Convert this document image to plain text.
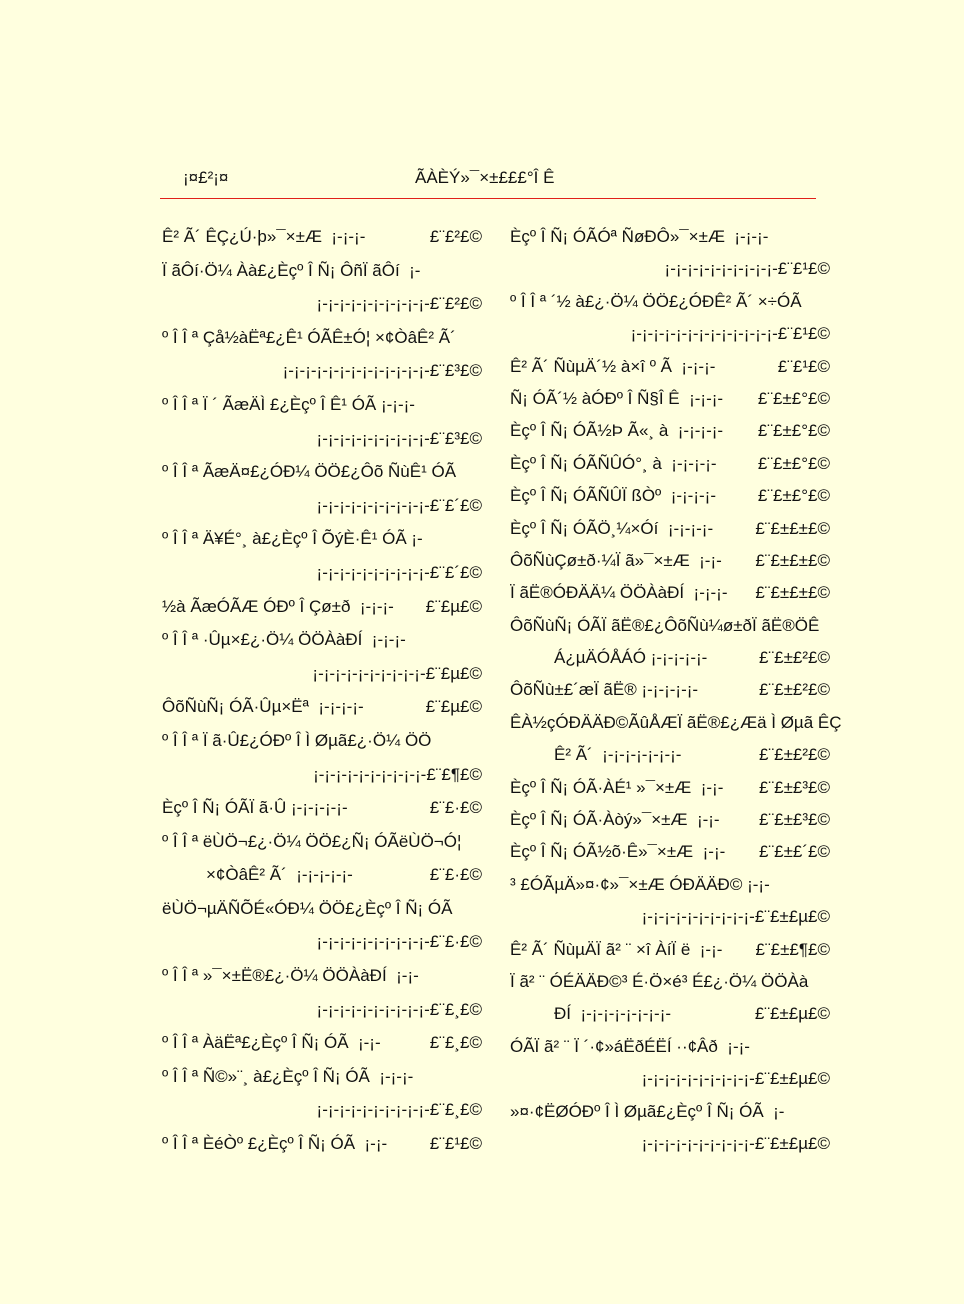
¡¤£²¡¤	ÃÀÈÝ»¯×±£££°Î Ê
Ê² Ã´ ÊÇ¿Ú·þ»¯×±Æ  ¡-¡-¡-	£¨£²£©
Ï ãÔí·Ö¼ Àà£¿Èçº Î Ñ¡ ÔñÏ ãÔí  ¡-
¡-¡-¡-¡-¡-¡-¡-¡-¡-¡- £¨£²£©
º Î Î ª Çå½àËª£¿Ê¹ ÓÃÊ±Ó¦ ×¢ÒâÊ² Ã´
¡-¡-¡-¡-¡-¡-¡-¡-¡-¡-¡-¡-¡- £¨£³£©
º Î Î ª Ï ´ ÃæÄÌ £¿Èçº Î Ê¹ ÓÃ ¡-¡-¡-
¡-¡-¡-¡-¡-¡-¡-¡-¡-¡- £¨£³£©
º Î Î ª ÃæÄ¤£¿ÓÐ¼ ÖÖ£¿Ôõ ÑùÊ¹ ÓÃ
¡-¡-¡-¡-¡-¡-¡-¡-¡-¡- £¨£´£©
º Î Î ª Ä¥É°¸ à£¿Èçº Î ÕýÈ·Ê¹ ÓÃ ¡-
¡-¡-¡-¡-¡-¡-¡-¡-¡-¡- £¨£´£©
½à ÃæÓÃÆ ÓÐº Î Çø±ð  ¡-¡-¡- £¨£µ£©
º Î Î ª ·Ûµ×£¿·Ö¼ ÖÖÀàÐÍ  ¡-¡-¡-
¡-¡-¡-¡-¡-¡-¡-¡-¡-¡- £¨£µ£©
ÔõÑùÑ¡ ÓÃ·Ûµ×Ëª  ¡-¡-¡-¡-	£¨£µ£©
º Î Î ª Ï ã·Û£¿ÓÐº Î Ì Øµã£¿·Ö¼ ÖÖ
¡-¡-¡-¡-¡-¡-¡-¡-¡-¡- £¨£¶£©
Èçº Î Ñ¡ ÓÃÏ ã·Û ¡-¡-¡-¡-¡-	£¨£·£©
º Î Î ª ëÙÖ¬£¿·Ö¼ ÖÖ£¿Ñ¡ ÓÃëÙÖ¬Ó¦
×¢ÒâÊ² Ã´  ¡-¡-¡-¡-¡-	£¨£·£©
ëÙÖ¬µÄÑÕÉ«ÓÐ¼ ÖÖ£¿Èçº Î Ñ¡ ÓÃ
¡-¡-¡-¡-¡-¡-¡-¡-¡-¡- £¨£·£©
º Î Î ª »¯×±Ë®£¿·Ö¼ ÖÖÀàÐÍ  ¡-¡-
¡-¡-¡-¡-¡-¡-¡-¡-¡-¡- £¨£¸£©
º Î Î ª ÀäËª£¿Èçº Î Ñ¡ ÓÃ  ¡-¡-	£¨£¸£©
º Î Î ª Ñ©»¨¸ à£¿Èçº Î Ñ¡ ÓÃ  ¡-¡-¡-
¡-¡-¡-¡-¡-¡-¡-¡-¡-¡- £¨£¸£©
º Î Î ª ÈéÒº £¿Èçº Î Ñ¡ ÓÃ  ¡-¡-	£¨£¹£©
Èçº Î Ñ¡ ÓÃÓª ÑøÐÔ»¯×±Æ  ¡-¡-¡-
¡-¡-¡-¡-¡-¡-¡-¡-¡-¡- £¨£¹£©
º Î Î ª ´½ à£¿·Ö¼ ÖÖ£¿ÓÐÊ² Ã´ ×÷ÓÃ
¡-¡-¡-¡-¡-¡-¡-¡-¡-¡-¡-¡-¡- £¨£¹£©
Ê² Ã´ ÑùµÄ´½ à×î º Ã  ¡-¡-¡-	£¨£¹£©
Ñ¡ ÓÃ´½ àÓÐº Î Ñ§Î Ê  ¡-¡-¡- £¨£±£°£©
Èçº Î Ñ¡ ÓÃ½Þ Ã«¸ à  ¡-¡-¡-¡- £¨£±£°£©
Èçº Î Ñ¡ ÓÃÑÛÓ°¸ à  ¡-¡-¡-¡- £¨£±£°£©
Èçº Î Ñ¡ ÓÃÑÛÏ ßÒº  ¡-¡-¡-¡- £¨£±£°£©
Èçº Î Ñ¡ ÓÃÖ¸¼×Óí  ¡-¡-¡-¡- £¨£±£±£©
ÔõÑùÇø±ð·¼Ï ã»¯×±Æ  ¡-¡- £¨£±£±£©
Ï ãË®ÓÐÄÄ¼ ÖÖÀàÐÍ  ¡-¡-¡- £¨£±£±£©
ÔõÑùÑ¡ ÓÃÏ ãË®£¿ÔõÑù¼ø±ðÏ ãË®ÖÊ
Á¿µÄÓÅÁÓ ¡-¡-¡-¡-¡-	£¨£±£²£©
ÔõÑù±£´æÏ ãË® ¡-¡-¡-¡-¡-	£¨£±£²£©
ÊÀ½çÓÐÄÄÐ©ÃûÅÆÏ ãË®£¿Æä Ì Øµã ÊÇ
Ê² Ã´  ¡-¡-¡-¡-¡-¡-¡-	£¨£±£²£©
Èçº Î Ñ¡ ÓÃ·ÀÉ¹ »¯×±Æ  ¡-¡- £¨£±£³£©
Èçº Î Ñ¡ ÓÃ·Àòý»¯×±Æ  ¡-¡- £¨£±£³£©
Èçº Î Ñ¡ ÓÃ½õ·Ê»¯×±Æ  ¡-¡- £¨£±£´£©
³ £ÓÃµÄ»¤·¢»¯×±Æ ÓÐÄÄÐ© ¡-¡-
¡-¡-¡-¡-¡-¡-¡-¡-¡-¡- £¨£±£µ£©
Ê² Ã´ ÑùµÄÏ ã² ¨ ×î ÀíÏ ë  ¡-¡- £¨£±£¶£©
Ï ã² ¨ ÓÉÄÄÐ©³ É·Ö×é³ É£¿·Ö¼ ÖÖÀà
ÐÍ  ¡-¡-¡-¡-¡-¡-¡-¡-	£¨£±£µ£©
ÓÃÏ ã² ¨ Ï ´·¢»áËðÉËÍ ··¢Âð  ¡-¡-
¡-¡-¡-¡-¡-¡-¡-¡-¡-¡- £¨£±£µ£©
»¤·¢ËØÓÐº Î Ì Øµã£¿Èçº Î Ñ¡ ÓÃ  ¡-
¡-¡-¡-¡-¡-¡-¡-¡-¡-¡- £¨£±£µ£©
